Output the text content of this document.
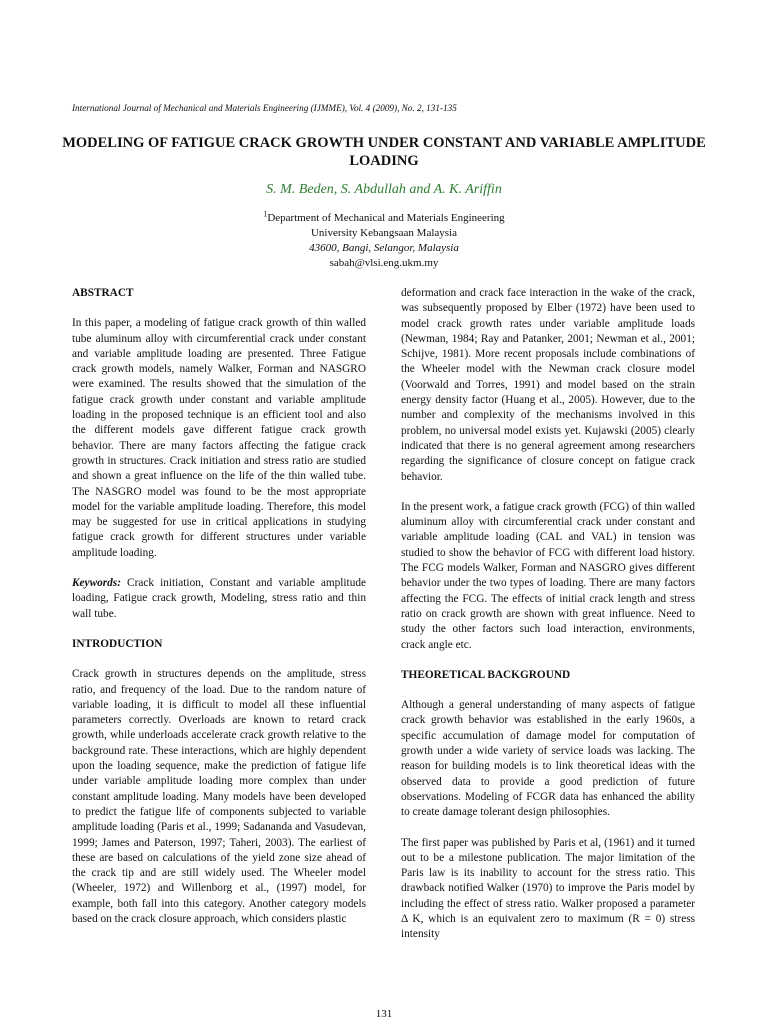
International Journal of Mechanical and Materials Engineering (IJMME), Vol. 4 (2009), No. 2, 131-135
MODELING OF FATIGUE CRACK GROWTH UNDER CONSTANT AND VARIABLE AMPLITUDE LOADING
S. M. Beden, S. Abdullah and A. K. Ariffin
$^1$Department of Mechanical and Materials Engineering
University Kebangsaan Malaysia
43600, Bangi, Selangor, Malaysia
sabah@vlsi.eng.ukm.my
ABSTRACT

In this paper, a modeling of fatigue crack growth of thin walled tube aluminum alloy with circumferential crack under constant and variable amplitude loading are presented. Three Fatigue crack growth models, namely Walker, Forman and NASGRO were examined. The results showed that the simulation of the fatigue crack growth under constant and variable amplitude loading in the proposed technique is an efficient tool and also the different models gave different fatigue crack growth behavior. There are many factors affecting the fatigue crack growth in structures. Crack initiation and stress ratio are studied and shown a great influence on the life of the thin walled tube. The NASGRO model was found to be the most appropriate model for the variable amplitude loading. Therefore, this model may be suggested for use in critical applications in studying fatigue crack growth for different structures under variable amplitude loading.

Keywords: Crack initiation, Constant and variable amplitude loading, Fatigue crack growth, Modeling, stress ratio and thin wall tube.

INTRODUCTION

Crack growth in structures depends on the amplitude, stress ratio, and frequency of the load. Due to the random nature of variable loading, it is difficult to model all these influential parameters correctly. Overloads are known to retard crack growth, while underloads accelerate crack growth relative to the background rate. These interactions, which are highly dependent upon the loading sequence, make the prediction of fatigue life under variable amplitude loading more complex than under constant amplitude loading. Many models have been developed to predict the fatigue life of components subjected to variable amplitude loading (Paris et al., 1999; Sadananda and Vasudevan, 1999; James and Paterson, 1997; Taheri, 2003). The earliest of these are based on calculations of the yield zone size ahead of the crack tip and are still widely used. The Wheeler model (Wheeler, 1972) and Willenborg et al., (1997) model, for example, both fall into this category. Another category models based on the crack closure approach, which considers plastic

deformation and crack face interaction in the wake of the crack, was subsequently proposed by Elber (1972) have been used to model crack growth rates under variable amplitude loads (Newman, 1984; Ray and Patanker, 2001; Newman et al., 2001; Schijve, 1981). More recent proposals include combinations of the Wheeler model with the Newman crack closure model (Voorwald and Torres, 1991) and model based on the strain energy density factor (Huang et al., 2005). However, due to the number and complexity of the mechanisms involved in this problem, no universal model exists yet. Kujawski (2005) clearly indicated that there is no general agreement among researchers regarding the significance of closure concept on fatigue crack behavior.

In the present work, a fatigue crack growth (FCG) of thin walled aluminum alloy with circumferential crack under constant and variable amplitude loading (CAL and VAL) in tension was studied to show the behavior of FCG with different load history. The FCG models Walker, Forman and NASGRO gives different behavior under the two types of loading. There are many factors affecting the FCG. The effects of initial crack length and stress ratio on crack growth are shown with great influence. Need to study the other factors such load interaction, environments, crack angle etc.

THEORETICAL BACKGROUND

Although a general understanding of many aspects of fatigue crack growth behavior was established in the early 1960s, a specific accumulation of damage model for computation of growth under a wide variety of service loads was lacking. The reason for building models is to link theoretical ideas with the observed data to provide a good prediction of future observations. Modeling of FCGR data has enhanced the ability to create damage tolerant design philosophies.

The first paper was published by Paris et al, (1961) and it turned out to be a milestone publication. The major limitation of the Paris law is its inability to account for the stress ratio. This drawback notified Walker (1970) to improve the Paris model by including the effect of stress ratio. Walker proposed a parameter Δ K, which is an equivalent zero to maximum (R = 0) stress intensity

131
